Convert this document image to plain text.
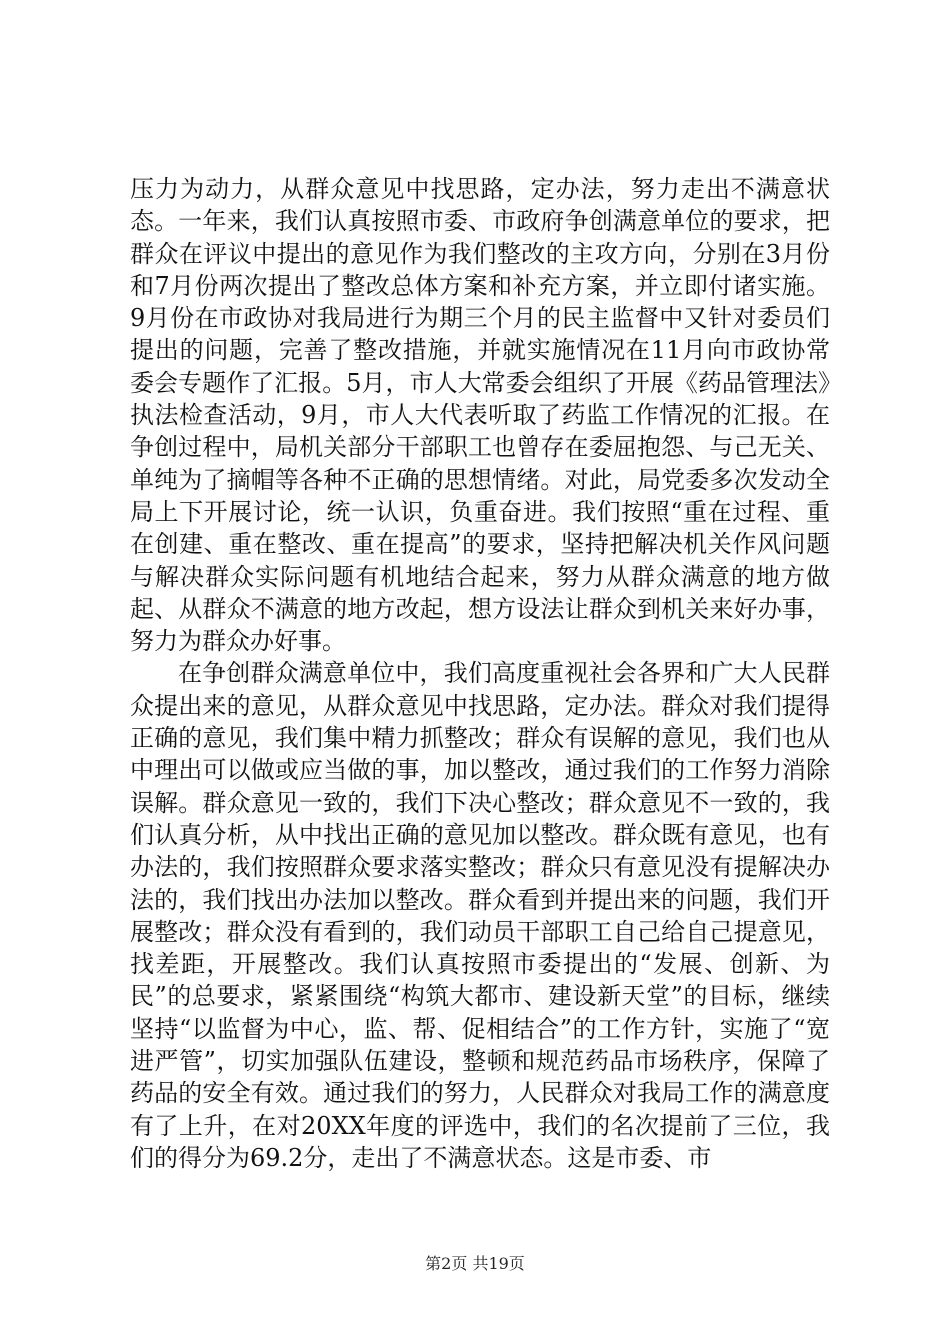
压力为动力，从群众意见中找思路，定办法，努力走出不满意状态。一年来，我们认真按照市委、市政府争创满意单位的要求，把群众在评议中提出的意见作为我们整改的主攻方向，分别在3月份和7月份两次提出了整改总体方案和补充方案，并立即付诸实施。9月份在市政协对我局进行为期三个月的民主监督中又针对委员们提出的问题，完善了整改措施，并就实施情况在11月向市政协常委会专题作了汇报。5月，市人大常委会组织了开展《药品管理法》执法检查活动，9月，市人大代表听取了药监工作情况的汇报。在争创过程中，局机关部分干部职工也曾存在委屈抱怨、与己无关、单纯为了摘帽等各种不正确的思想情绪。对此，局党委多次发动全局上下开展讨论，统一认识，负重奋进。我们按照“重在过程、重在创建、重在整改、重在提高”的要求，坚持把解决机关作风问题与解决群众实际问题有机地结合起来，努力从群众满意的地方做起、从群众不满意的地方改起，想方设法让群众到机关来好办事，努力为群众办好事。

在争创群众满意单位中，我们高度重视社会各界和广大人民群众提出来的意见，从群众意见中找思路，定办法。群众对我们提得正确的意见，我们集中精力抓整改；群众有误解的意见，我们也从中理出可以做或应当做的事，加以整改，通过我们的工作努力消除误解。群众意见一致的，我们下决心整改；群众意见不一致的，我们认真分析，从中找出正确的意见加以整改。群众既有意见，也有办法的，我们按照群众要求落实整改；群众只有意见没有提解决办法的，我们找出办法加以整改。群众看到并提出来的问题，我们开展整改；群众没有看到的，我们动员干部职工自己给自己提意见，找差距，开展整改。我们认真按照市委提出的“发展、创新、为民”的总要求，紧紧围绕“构筑大都市、建设新天堂”的目标，继续坚持“以监督为中心，监、帮、促相结合”的工作方针，实施了“宽进严管”，切实加强队伍建设，整顿和规范药品市场秩序，保障了药品的安全有效。通过我们的努力，人民群众对我局工作的满意度有了上升，在对20XX年度的评选中，我们的名次提前了三位，我们的得分为69.2分，走出了不满意状态。这是市委、市

第2页 共19页
